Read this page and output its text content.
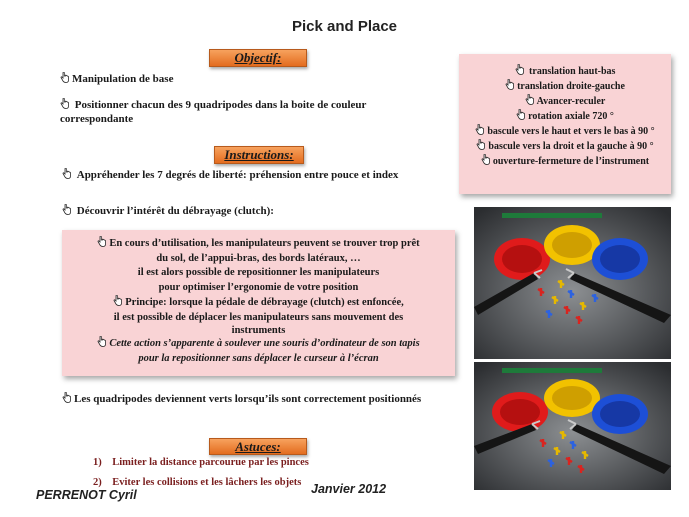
Pick and Place
Objectif:
Manipulation de base
Positionner chacun des 9 quadripodes dans la boite de couleur correspondante
Instructions:
Appréhender les 7 degrés de liberté: préhension entre pouce et index
Découvrir l’intérêt du débrayage (clutch):
translation haut-bas
translation droite-gauche
Avancer-reculer
rotation axiale 720 °
bascule vers le haut et vers le bas à 90 °
bascule vers la droit et la gauche à 90 °
ouverture-fermeture de l’instrument
En cours d’utilisation, les manipulateurs peuvent se trouver trop prêt
du sol, de l’appui-bras, des bords latéraux, …
il est alors possible de repositionner les manipulateurs
pour optimiser l’ergonomie de votre position
Principe: lorsque la pédale de débrayage (clutch) est enfoncée,
il est possible de déplacer les manipulateurs sans mouvement des
instruments
Cette action s’apparente à soulever une souris d’ordinateur de son tapis
pour la repositionner sans déplacer le curseur à l’écran
Les quadripodes deviennent verts lorsqu’ils sont correctement positionnés
Astuces:
1) Limiter la distance parcourue par les pinces
2) Eviter les collisions et les lâchers les objets
PERRENOT Cyril	Janvier 2012
